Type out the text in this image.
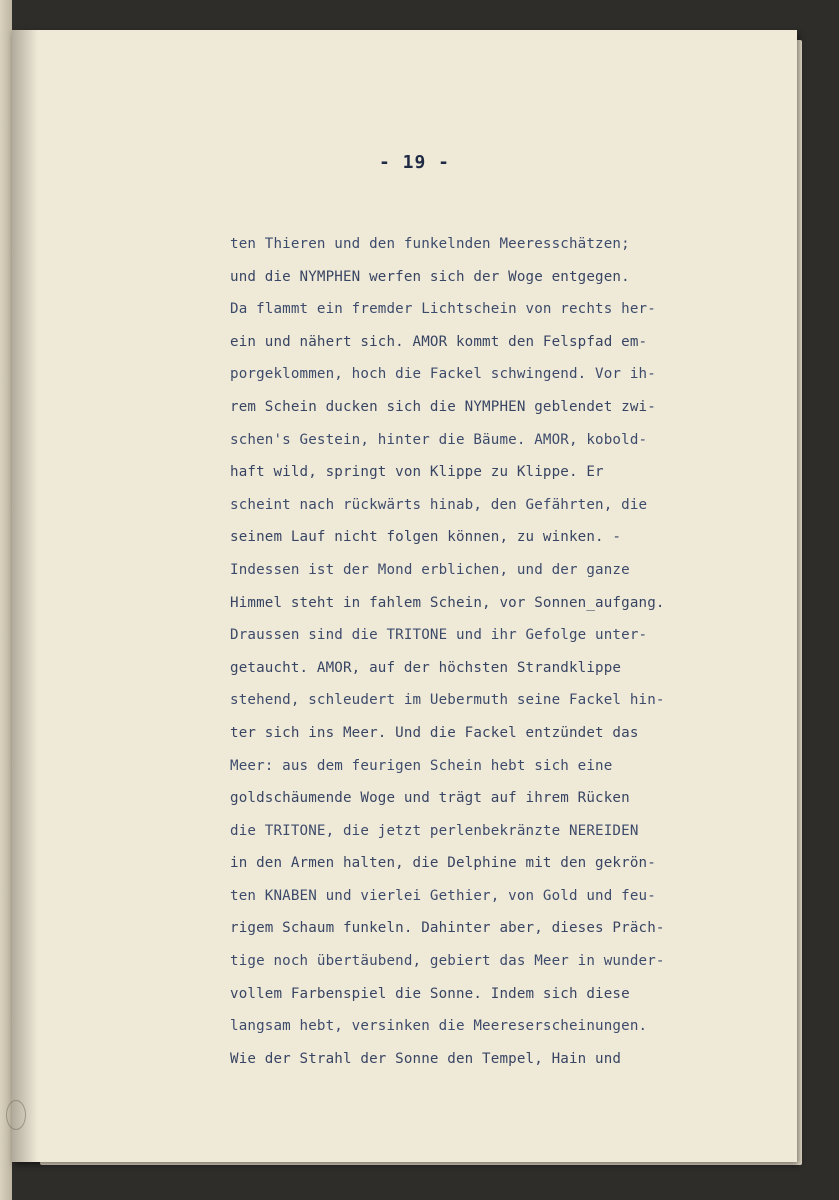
- 19 -
ten Thieren und den funkelnden Meeresschätzen;
und die NYMPHEN werfen sich der Woge entgegen.
Da flammt ein fremder Lichtschein von rechts her-
ein und nähert sich. AMOR kommt den Felspfad em-
porgeklommen, hoch die Fackel schwingend. Vor ih-
rem Schein ducken sich die NYMPHEN geblendet zwi-
schen's Gestein, hinter die Bäume. AMOR, kobold-
haft wild, springt von Klippe zu Klippe. Er
scheint nach rückwärts hinab, den Gefährten, die
seinem Lauf nicht folgen können, zu winken. -
Indessen ist der Mond erblichen, und der ganze
Himmel steht in fahlem Schein, vor Sonnen_aufgang.
Draussen sind die TRITONE und ihr Gefolge unter-
getaucht. AMOR, auf der höchsten Strandklippe
stehend, schleudert im Uebermuth seine Fackel hin-
ter sich ins Meer. Und die Fackel entzündet das
Meer: aus dem feurigen Schein hebt sich eine
goldschäumende Woge und trägt auf ihrem Rücken
die TRITONE, die jetzt perlenbekränzte NEREIDEN
in den Armen halten, die Delphine mit den gekrön-
ten KNABEN und vierlei Gethier, von Gold und feu-
rigem Schaum funkeln. Dahinter aber, dieses Präch-
tige noch übertäubend, gebiert das Meer in wunder-
vollem Farbenspiel die Sonne. Indem sich diese
langsam hebt, versinken die Meereserscheinungen.
Wie der Strahl der Sonne den Tempel, Hain und
